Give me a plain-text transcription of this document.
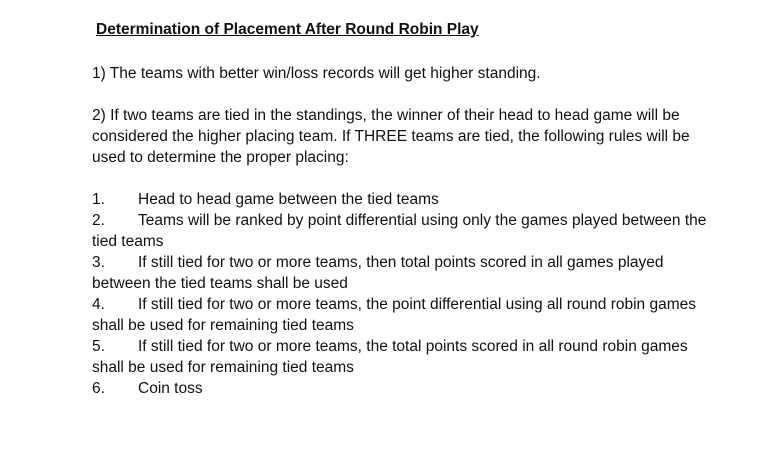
Determination of Placement After Round Robin Play

1) The teams with better win/loss records will get higher standing.

2) If two teams are tied in the standings, the winner of their head to head game will be considered the higher placing team. If THREE teams are tied, the following rules will be used to determine the proper placing:

1. Head to head game between the tied teams

2. Teams will be ranked by point differential using only the games played between the tied teams

3. If still tied for two or more teams, then total points scored in all games played between the tied teams shall be used

4. If still tied for two or more teams, the point differential using all round robin games shall be used for remaining tied teams

5. If still tied for two or more teams, the total points scored in all round robin games shall be used for remaining tied teams

6. Coin toss
